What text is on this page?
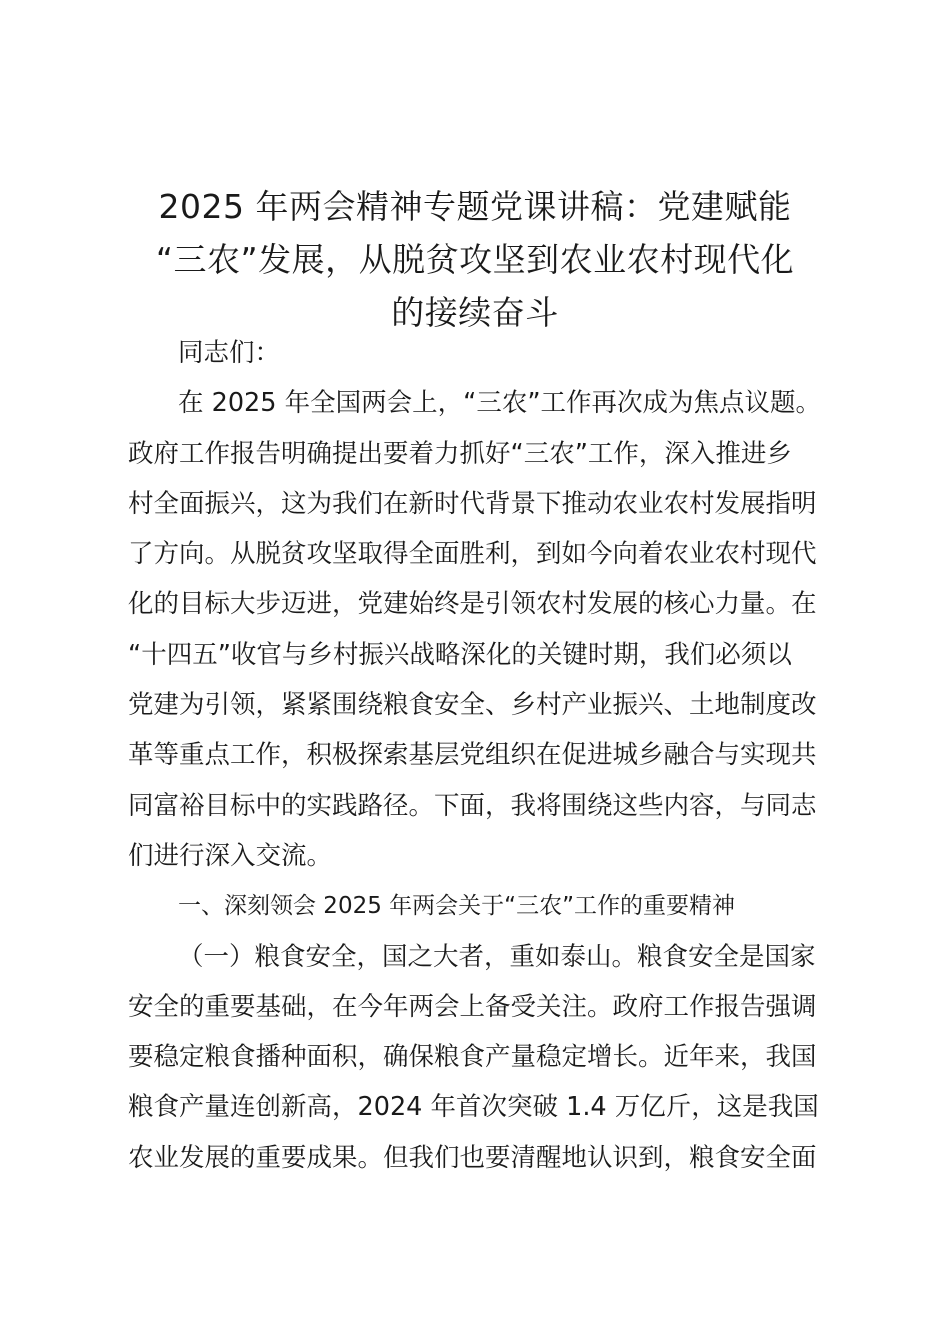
2025 年两会精神专题党课讲稿：党建赋能
“三农”发展，从脱贫攻坚到农业农村现代化
的接续奋斗
同志们：
在 2025 年全国两会上，“三农”工作再次成为焦点议题。
政府工作报告明确提出要着力抓好“三农”工作，深入推进乡
村全面振兴，这为我们在新时代背景下推动农业农村发展指明
了方向。从脱贫攻坚取得全面胜利，到如今向着农业农村现代
化的目标大步迈进，党建始终是引领农村发展的核心力量。在
“十四五”收官与乡村振兴战略深化的关键时期，我们必须以
党建为引领，紧紧围绕粮食安全、乡村产业振兴、土地制度改
革等重点工作，积极探索基层党组织在促进城乡融合与实现共
同富裕目标中的实践路径。下面，我将围绕这些内容，与同志
们进行深入交流。
一、深刻领会 2025 年两会关于“三农”工作的重要精神
（一）粮食安全，国之大者，重如泰山。粮食安全是国家
安全的重要基础，在今年两会上备受关注。政府工作报告强调
要稳定粮食播种面积，确保粮食产量稳定增长。近年来，我国
粮食产量连创新高，2024 年首次突破 1.4 万亿斤，这是我国
农业发展的重要成果。但我们也要清醒地认识到，粮食安全面
